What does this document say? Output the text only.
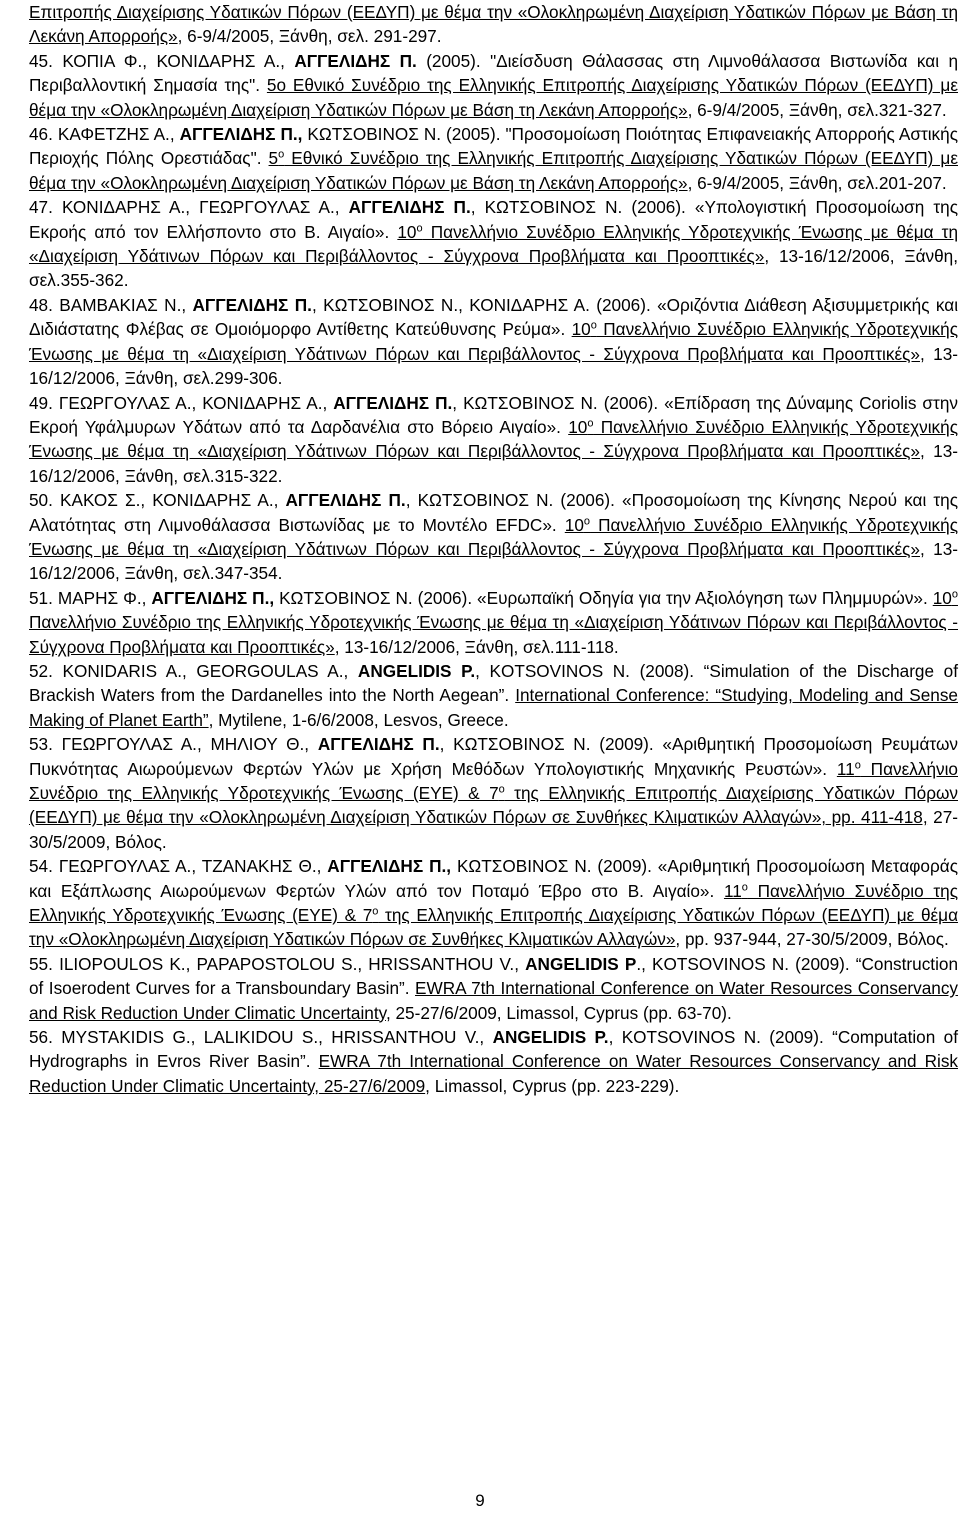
Επιτροπής Διαχείρισης Υδατικών Πόρων (ΕΕΔΥΠ) με θέμα την «Ολοκληρωμένη Διαχείριση Υδατικών Πόρων με Βάση τη Λεκάνη Απορροής», 6-9/4/2005, Ξάνθη, σελ. 291-297.

45. ΚΟΠΙΑ Φ., ΚΟΝΙΔΑΡΗΣ Α., ΑΓΓΕΛΙΔΗΣ Π. (2005). "Διείσδυση Θάλασσας στη Λιμνοθάλασσα Βιστωνίδα και η Περιβαλλοντική Σημασία της". 5o Εθνικό Συνέδριο της Ελληνικής Επιτροπής Διαχείρισης Υδατικών Πόρων (ΕΕΔΥΠ) με θέμα την «Ολοκληρωμένη Διαχείριση Υδατικών Πόρων με Βάση τη Λεκάνη Απορροής», 6-9/4/2005, Ξάνθη, σελ.321-327.

46. ΚΑΦΕΤΖΗΣ Α., ΑΓΓΕΛΙΔΗΣ Π., ΚΩΤΣΟΒΙΝΟΣ Ν. (2005). "Προσομοίωση Ποιότητας Επιφανειακής Απορροής Αστικής Περιοχής Πόλης Ορεστιάδας". $5^o$ Εθνικό Συνέδριο της Ελληνικής Επιτροπής Διαχείρισης Υδατικών Πόρων (ΕΕΔΥΠ) με θέμα την «Ολοκληρωμένη Διαχείριση Υδατικών Πόρων με Βάση τη Λεκάνη Απορροής», 6-9/4/2005, Ξάνθη, σελ.201-207.

47. ΚΟΝΙΔΑΡΗΣ Α., ΓΕΩΡΓΟΥΛΑΣ Α., ΑΓΓΕΛΙΔΗΣ Π., ΚΩΤΣΟΒΙΝΟΣ Ν. (2006). «Υπολογιστική Προσομοίωση της Εκροής από τον Ελλήσποντο στο Β. Αιγαίο». $10^o$ Πανελλήνιο Συνέδριο Ελληνικής Υδροτεχνικής Ένωσης με θέμα τη «Διαχείριση Υδάτινων Πόρων και Περιβάλλοντος - Σύγχρονα Προβλήματα και Προοπτικές», 13-16/12/2006, Ξάνθη, σελ.355-362.

48. ΒΑΜΒΑΚΙΑΣ Ν., ΑΓΓΕΛΙΔΗΣ Π., ΚΩΤΣΟΒΙΝΟΣ Ν., ΚΟΝΙΔΑΡΗΣ Α. (2006). «Οριζόντια Διάθεση Αξισυμμετρικής και Διδιάστατης Φλέβας σε Ομοιόμορφο Αντίθετης Κατεύθυνσης Ρεύμα». $10^o$ Πανελλήνιο Συνέδριο Ελληνικής Υδροτεχνικής Ένωσης με θέμα τη «Διαχείριση Υδάτινων Πόρων και Περιβάλλοντος - Σύγχρονα Προβλήματα και Προοπτικές», 13-16/12/2006, Ξάνθη, σελ.299-306.

49. ΓΕΩΡΓΟΥΛΑΣ Α., ΚΟΝΙΔΑΡΗΣ Α., ΑΓΓΕΛΙΔΗΣ Π., ΚΩΤΣΟΒΙΝΟΣ Ν. (2006). «Επίδραση της Δύναμης Coriolis στην Εκροή Υφάλμυρων Υδάτων από τα Δαρδανέλια στο Βόρειο Αιγαίο». $10^o$ Πανελλήνιο Συνέδριο Ελληνικής Υδροτεχνικής Ένωσης με θέμα τη «Διαχείριση Υδάτινων Πόρων και Περιβάλλοντος - Σύγχρονα Προβλήματα και Προοπτικές», 13-16/12/2006, Ξάνθη, σελ.315-322.

50. ΚΑΚΟΣ Σ., ΚΟΝΙΔΑΡΗΣ Α., ΑΓΓΕΛΙΔΗΣ Π., ΚΩΤΣΟΒΙΝΟΣ Ν. (2006). «Προσομοίωση της Κίνησης Νερού και της Αλατότητας στη Λιμνοθάλασσα Βιστωνίδας με το Μοντέλο EFDC». $10^o$ Πανελλήνιο Συνέδριο Ελληνικής Υδροτεχνικής Ένωσης με θέμα τη «Διαχείριση Υδάτινων Πόρων και Περιβάλλοντος - Σύγχρονα Προβλήματα και Προοπτικές», 13-16/12/2006, Ξάνθη, σελ.347-354.

51. ΜΑΡΗΣ Φ., ΑΓΓΕΛΙΔΗΣ Π., ΚΩΤΣΟΒΙΝΟΣ Ν. (2006). «Ευρωπαϊκή Οδηγία για την Αξιολόγηση των Πλημμυρών». $10^o$ Πανελλήνιο Συνέδριο της Ελληνικής Υδροτεχνικής Ένωσης με θέμα τη «Διαχείριση Υδάτινων Πόρων και Περιβάλλοντος - Σύγχρονα Προβλήματα και Προοπτικές», 13-16/12/2006, Ξάνθη, σελ.111-118.

52. KONIDARIS A., GEORGOULAS A., ANGELIDIS P., KOTSOVINOS N. (2008). “Simulation of the Discharge of Brackish Waters from the Dardanelles into the North Aegean”. International Conference: “Studying, Modeling and Sense Making of Planet Earth”, Mytilene, 1-6/6/2008, Lesvos, Greece.

53. ΓΕΩΡΓΟΥΛΑΣ Α., ΜΗΛΙΟΥ Θ., ΑΓΓΕΛΙΔΗΣ Π., ΚΩΤΣΟΒΙΝΟΣ Ν. (2009). «Αριθμητική Προσομοίωση Ρευμάτων Πυκνότητας Αιωρούμενων Φερτών Υλών με Χρήση Μεθόδων Υπολογιστικής Μηχανικής Ρευστών». $11^o$ Πανελλήνιο Συνέδριο της Ελληνικής Υδροτεχνικής Ένωσης (ΕΥΕ) & $7^o$ της Ελληνικής Επιτροπής Διαχείρισης Υδατικών Πόρων (ΕΕΔΥΠ) με θέμα την «Ολοκληρωμένη Διαχείριση Υδατικών Πόρων σε Συνθήκες Κλιματικών Αλλαγών», pp. 411-418, 27-30/5/2009, Βόλος.

54. ΓΕΩΡΓΟΥΛΑΣ Α., ΤΖΑΝΑΚΗΣ Θ., ΑΓΓΕΛΙΔΗΣ Π., ΚΩΤΣΟΒΙΝΟΣ Ν. (2009). «Αριθμητική Προσομοίωση Μεταφοράς και Εξάπλωσης Αιωρούμενων Φερτών Υλών από τον Ποταμό Έβρο στο Β. Αιγαίο». $11^o$ Πανελλήνιο Συνέδριο της Ελληνικής Υδροτεχνικής Ένωσης (ΕΥΕ) & $7^o$ της Ελληνικής Επιτροπής Διαχείρισης Υδατικών Πόρων (ΕΕΔΥΠ) με θέμα την «Ολοκληρωμένη Διαχείριση Υδατικών Πόρων σε Συνθήκες Κλιματικών Αλλαγών», pp. 937-944, 27-30/5/2009, Βόλος.

55. ILIOPOULOS K., PAPAPOSTOLOU S., HRISSANTHOU V., ANGELIDIS P., KOTSOVINOS N. (2009). “Construction of Isoerodent Curves for a Transboundary Basin”. EWRA 7th International Conference on Water Resources Conservancy and Risk Reduction Under Climatic Uncertainty, 25-27/6/2009, Limassol, Cyprus (pp. 63-70).

56. MYSTAKIDIS G., LALIKIDOU S., HRISSANTHOU V., ANGELIDIS P., KOTSOVINOS N. (2009). “Computation of Hydrographs in Evros River Basin”. EWRA 7th International Conference on Water Resources Conservancy and Risk Reduction Under Climatic Uncertainty, 25-27/6/2009, Limassol, Cyprus (pp. 223-229).

9
